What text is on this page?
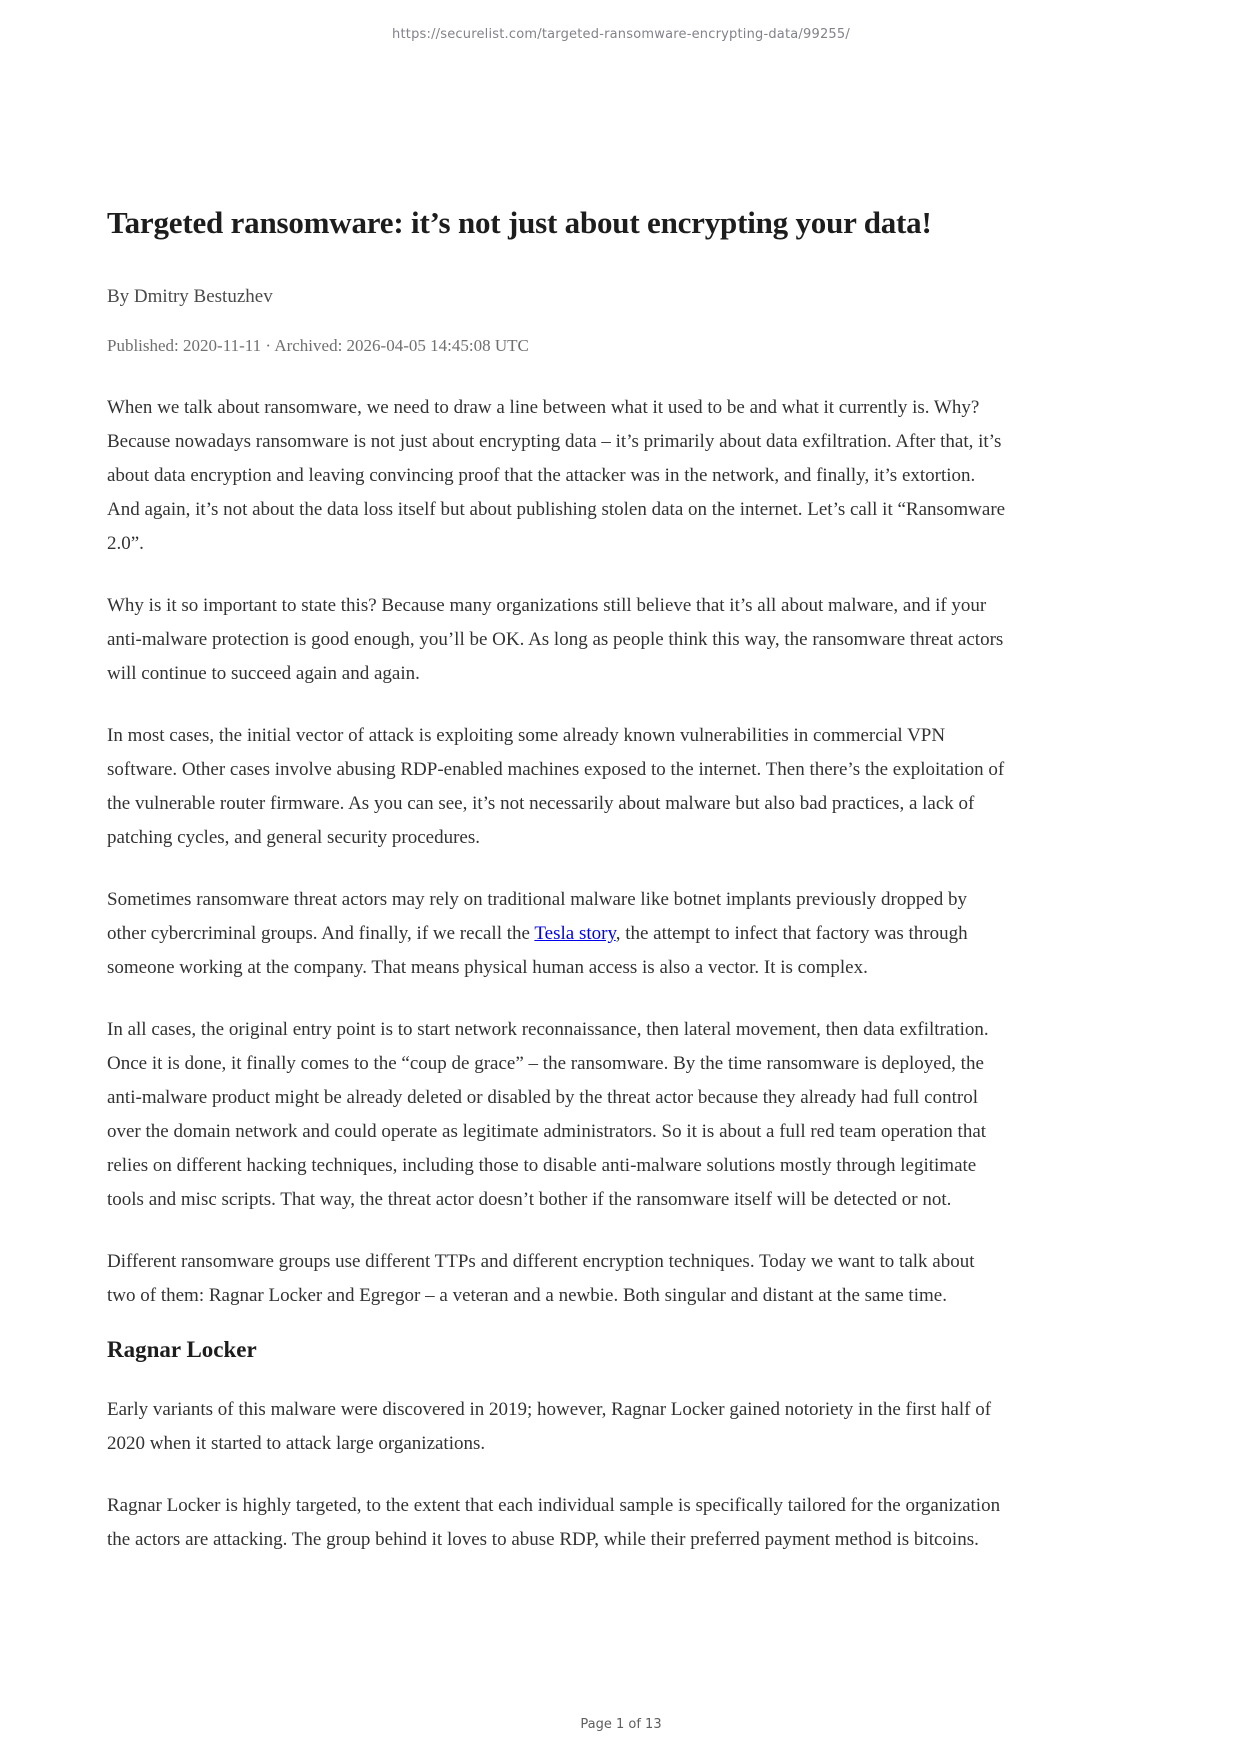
https://securelist.com/targeted-ransomware-encrypting-data/99255/
Targeted ransomware: it’s not just about encrypting your data!
By Dmitry Bestuzhev
Published: 2020-11-11 · Archived: 2026-04-05 14:45:08 UTC

When we talk about ransomware, we need to draw a line between what it used to be and what it currently is. Why? Because nowadays ransomware is not just about encrypting data – it’s primarily about data exfiltration. After that, it’s about data encryption and leaving convincing proof that the attacker was in the network, and finally, it’s extortion. And again, it’s not about the data loss itself but about publishing stolen data on the internet. Let’s call it “Ransomware 2.0”.

Why is it so important to state this? Because many organizations still believe that it’s all about malware, and if your anti-malware protection is good enough, you’ll be OK. As long as people think this way, the ransomware threat actors will continue to succeed again and again.

In most cases, the initial vector of attack is exploiting some already known vulnerabilities in commercial VPN software. Other cases involve abusing RDP-enabled machines exposed to the internet. Then there’s the exploitation of the vulnerable router firmware. As you can see, it’s not necessarily about malware but also bad practices, a lack of patching cycles, and general security procedures.

Sometimes ransomware threat actors may rely on traditional malware like botnet implants previously dropped by other cybercriminal groups. And finally, if we recall the Tesla story, the attempt to infect that factory was through someone working at the company. That means physical human access is also a vector. It is complex.

In all cases, the original entry point is to start network reconnaissance, then lateral movement, then data exfiltration. Once it is done, it finally comes to the “coup de grace” – the ransomware. By the time ransomware is deployed, the anti-malware product might be already deleted or disabled by the threat actor because they already had full control over the domain network and could operate as legitimate administrators. So it is about a full red team operation that relies on different hacking techniques, including those to disable anti-malware solutions mostly through legitimate tools and misc scripts. That way, the threat actor doesn’t bother if the ransomware itself will be detected or not.

Different ransomware groups use different TTPs and different encryption techniques. Today we want to talk about two of them: Ragnar Locker and Egregor – a veteran and a newbie. Both singular and distant at the same time.

Ragnar Locker

Early variants of this malware were discovered in 2019; however, Ragnar Locker gained notoriety in the first half of 2020 when it started to attack large organizations.

Ragnar Locker is highly targeted, to the extent that each individual sample is specifically tailored for the organization the actors are attacking. The group behind it loves to abuse RDP, while their preferred payment method is bitcoins.

Page 1 of 13
